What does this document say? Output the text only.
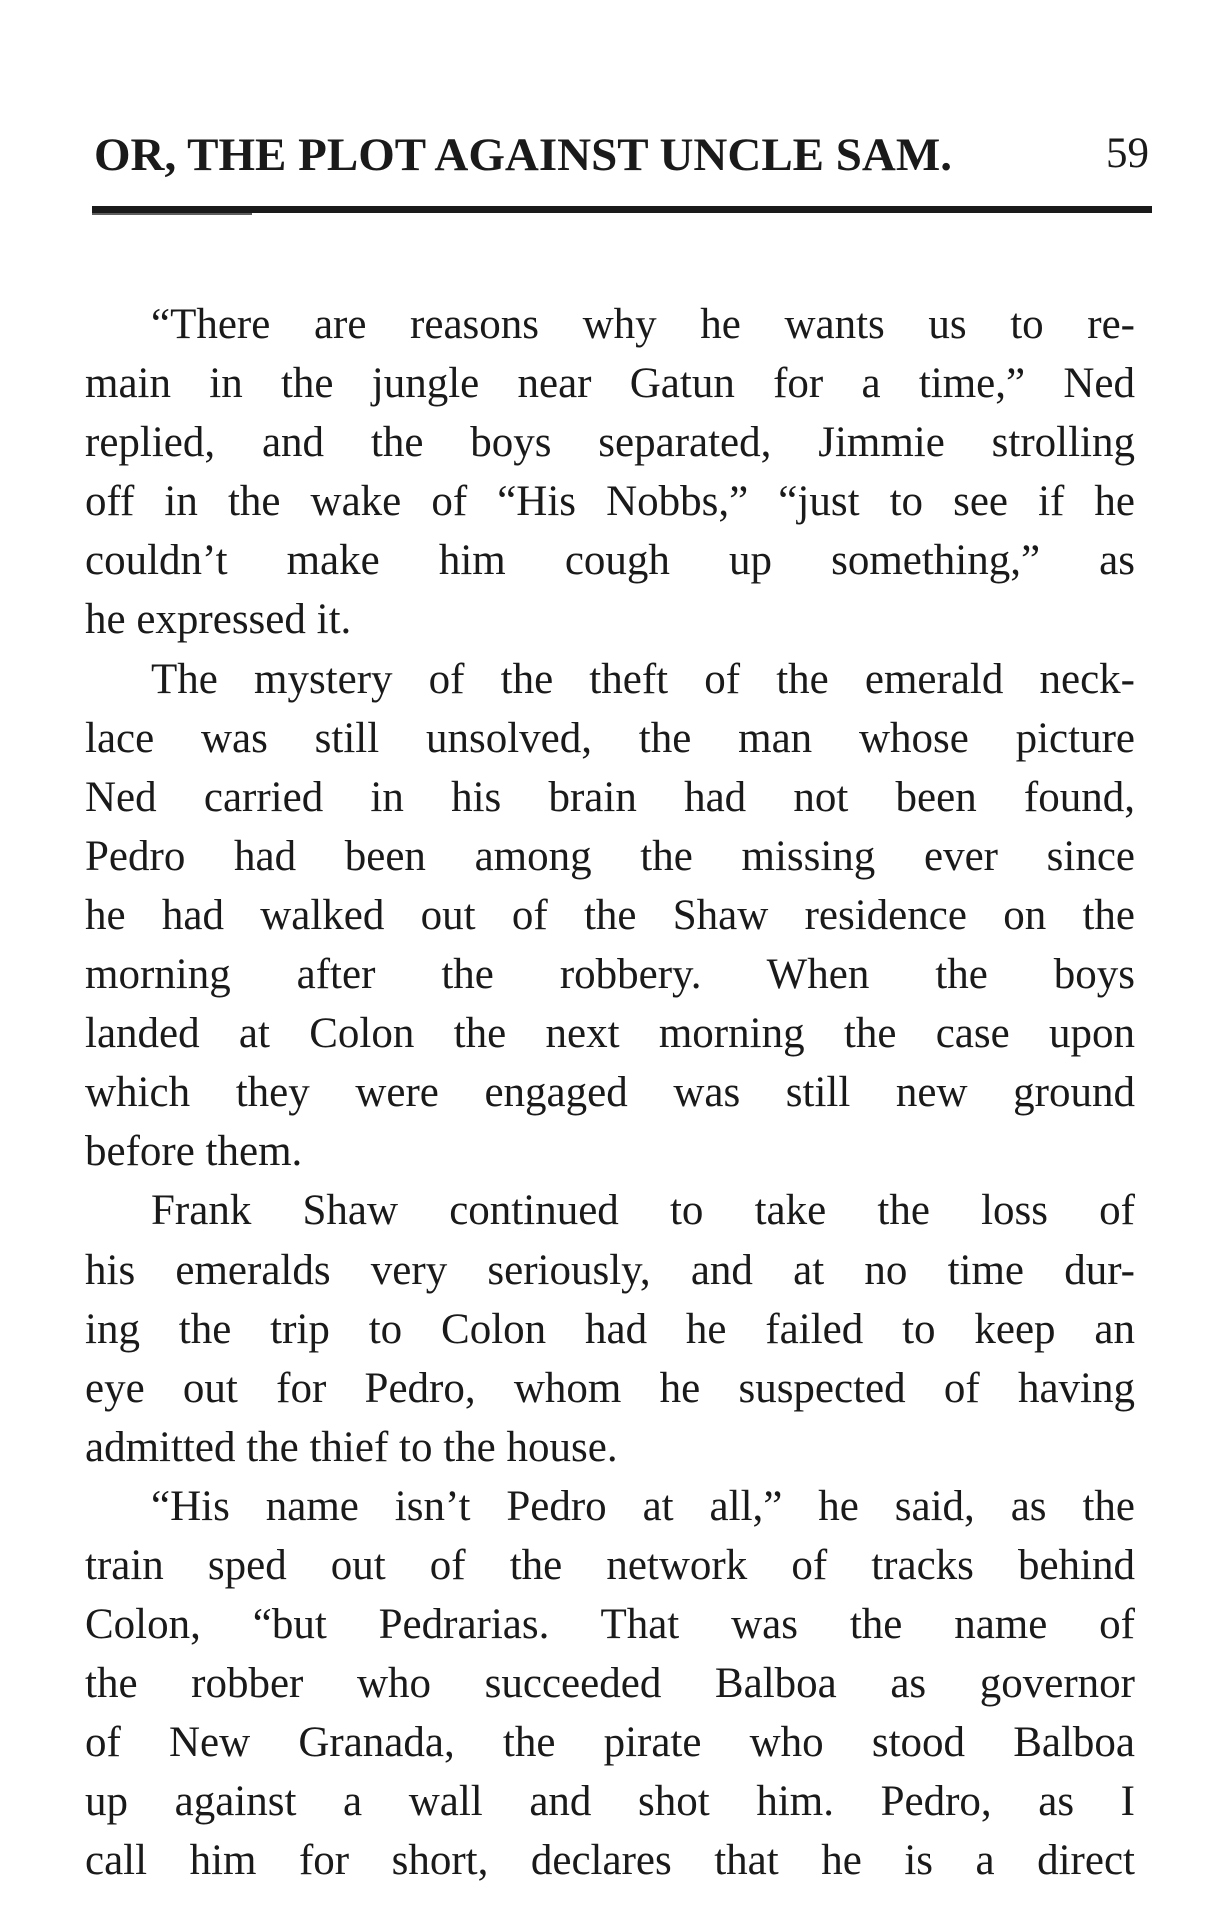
OR, THE PLOT AGAINST UNCLE SAM.	59
“There are reasons why he wants us to re-
main in the jungle near Gatun for a time,” Ned
replied, and the boys separated, Jimmie strolling
off in the wake of “His Nobbs,” “just to see if he
couldn’t make him cough up something,” as
he expressed it.
The mystery of the theft of the emerald neck-
lace was still unsolved, the man whose picture
Ned carried in his brain had not been found,
Pedro had been among the missing ever since
he had walked out of the Shaw residence on the
morning after the robbery. When the boys
landed at Colon the next morning the case upon
which they were engaged was still new ground
before them.
Frank Shaw continued to take the loss of
his emeralds very seriously, and at no time dur-
ing the trip to Colon had he failed to keep an
eye out for Pedro, whom he suspected of having
admitted the thief to the house.
“His name isn’t Pedro at all,” he said, as the
train sped out of the network of tracks behind
Colon, “but Pedrarias. That was the name of
the robber who succeeded Balboa as governor
of New Granada, the pirate who stood Balboa
up against a wall and shot him. Pedro, as I
call him for short, declares that he is a direct
